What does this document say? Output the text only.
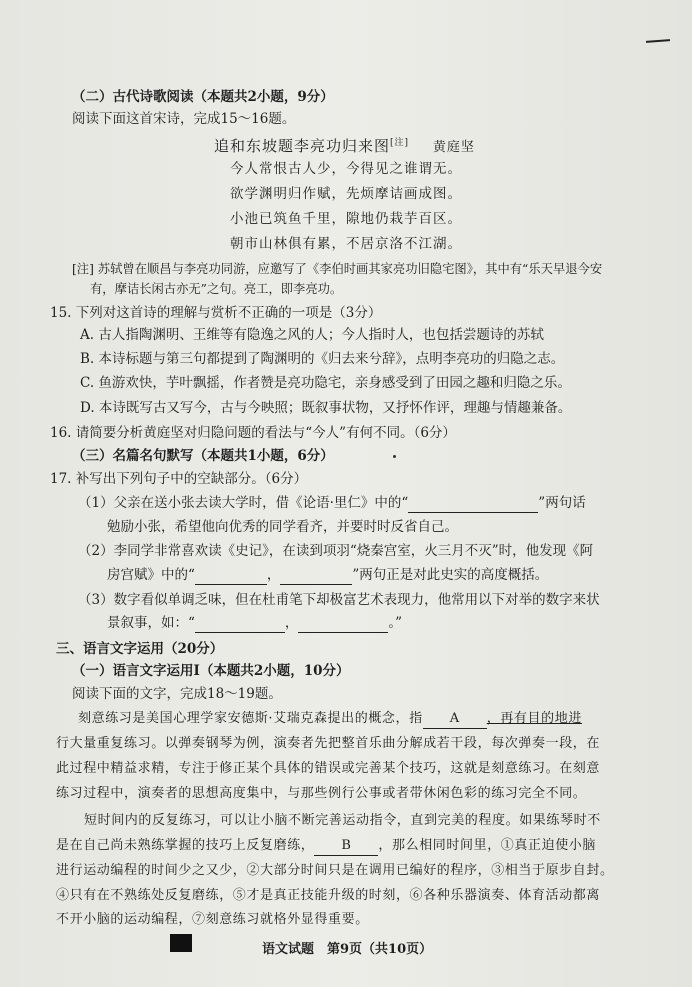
（二）古代诗歌阅读（本题共2小题，9分）
阅读下面这首宋诗，完成15～16题。
追和东坡题李亮功归来图[注] 黄庭坚
今人常恨古人少，今得见之谁谓无。
欲学渊明归作赋，先烦摩诘画成图。
小池已筑鱼千里，隙地仍栽芋百区。
朝市山林俱有累，不居京洛不江湖。
[注] 苏轼曾在顺昌与李亮功同游，应邀写了《李伯时画其家亮功旧隐宅图》，其中有“乐天早退今安
有，摩诘长闲古亦无”之句。亮工，即李亮功。
15. 下列对这首诗的理解与赏析不正确的一项是（3分）
A. 古人指陶渊明、王维等有隐逸之风的人；今人指时人，也包括尝题诗的苏轼
B. 本诗标题与第三句都提到了陶渊明的《归去来兮辞》，点明李亮功的归隐之志。
C. 鱼游欢快，芋叶飘摇，作者赞是亮功隐宅，亲身感受到了田园之趣和归隐之乐。
D. 本诗既写古又写今，古与今映照；既叙事状物，又抒怀作评，理趣与情趣兼备。
16. 请简要分析黄庭坚对归隐问题的看法与“今人”有何不同。（6分）
（三）名篇名句默写（本题共1小题，6分）
17. 补写出下列句子中的空缺部分。（6分）
（1）父亲在送小张去读大学时，借《论语·里仁》中的“	”两句话
勉励小张，希望他向优秀的同学看齐，并要时时反省自己。
（2）李同学非常喜欢读《史记》，在读到项羽“烧秦宫室，火三月不灭”时，他发现《阿
房宫赋》中的“	，	”两句正是对此史实的高度概括。
（3）数字看似单调乏味，但在杜甫笔下却极富艺术表现力，他常用以下对举的数字来状
景叙事，如：“	，	。”
三、语言文字运用（20分）
（一）语言文字运用Ⅰ（本题共2小题，10分）
阅读下面的文字，完成18～19题。
刻意练习是美国心理学家安德斯·艾瑞克森提出的概念，指 A ，再有目的地进
行大量重复练习。以弹奏钢琴为例，演奏者先把整首乐曲分解成若干段，每次弹奏一段，在
此过程中精益求精，专注于修正某个具体的错误或完善某个技巧，这就是刻意练习。在刻意
练习过程中，演奏者的思想高度集中，与那些例行公事或者带休闲色彩的练习完全不同。
短时间内的反复练习，可以让小脑不断完善运动指令，直到完美的程度。如果练琴时不
是在自己尚未熟练掌握的技巧上反复磨练， B ，那么相同时间里，①真正迫使小脑
进行运动编程的时间少之又少，②大部分时间只是在调用已编好的程序，③相当于原步自封。
④只有在不熟练处反复磨练，⑤才是真正技能升级的时刻，⑥各种乐器演奏、体育活动都离
不开小脑的运动编程，⑦刻意练习就格外显得重要。
语文试题　第9页（共10页）
